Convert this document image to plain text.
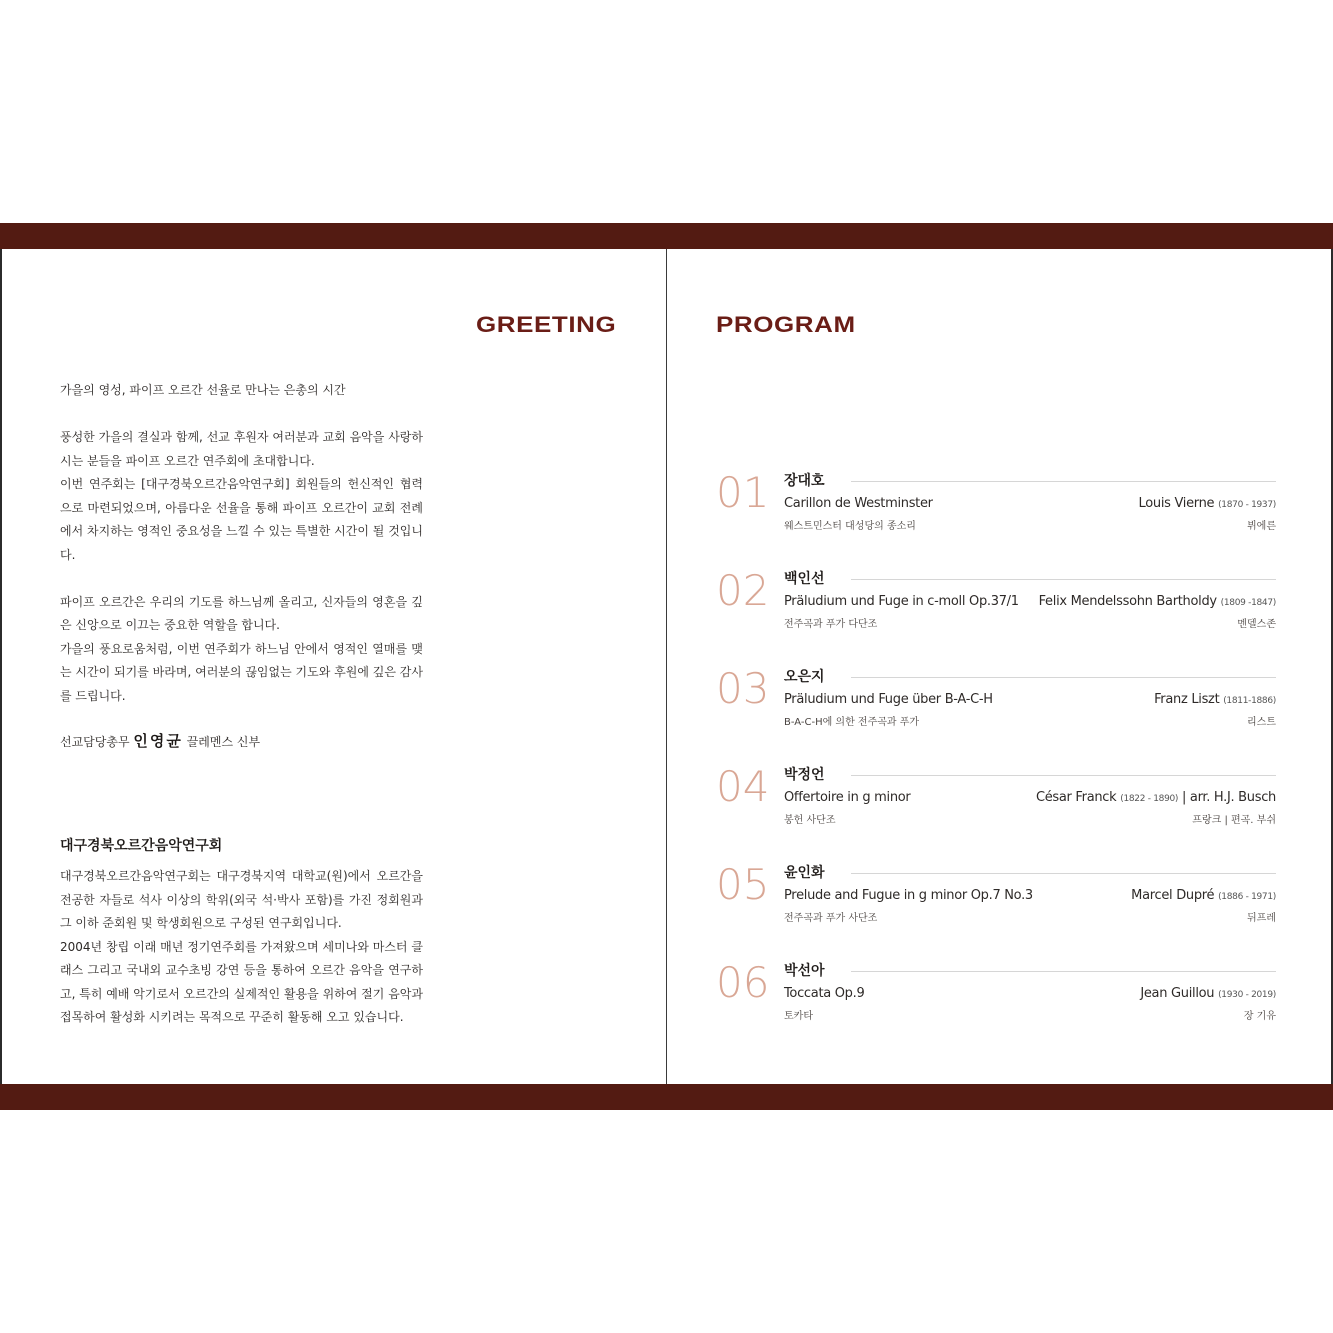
GREETING

가을의 영성, 파이프 오르간 선율로 만나는 은총의 시간

풍성한 가을의 결실과 함께, 선교 후원자 여러분과 교회 음악을 사랑하시는 분들을 파이프 오르간 연주회에 초대합니다.

이번 연주회는 [대구경북오르간음악연구회] 회원들의 헌신적인 협력으로 마련되었으며, 아름다운 선율을 통해 파이프 오르간이 교회 전례에서 차지하는 영적인 중요성을 느낄 수 있는 특별한 시간이 될 것입니다.

파이프 오르간은 우리의 기도를 하느님께 올리고, 신자들의 영혼을 깊은 신앙으로 이끄는 중요한 역할을 합니다.

가을의 풍요로움처럼, 이번 연주회가 하느님 안에서 영적인 열매를 맺는 시간이 되기를 바라며, 여러분의 끊임없는 기도와 후원에 깊은 감사를 드립니다.

선교담당총무 인영균 끌레멘스 신부

대구경북오르간음악연구회

대구경북오르간음악연구회는 대구경북지역 대학교(원)에서 오르간을 전공한 자들로 석사 이상의 학위(외국 석·박사 포함)를 가진 정회원과 그 이하 준회원 및 학생회원으로 구성된 연구회입니다.

2004년 창립 이래 매년 정기연주회를 가져왔으며 세미나와 마스터 클래스 그리고 국내외 교수초빙 강연 등을 통하여 오르간 음악을 연구하고, 특히 예배 악기로서 오르간의 실제적인 활용을 위하여 절기 음악과 접목하여 활성화 시키려는 목적으로 꾸준히 활동해 오고 있습니다.

PROGRAM

01 장대호

Carillon de Westminster

웨스트민스터 대성당의 종소리

Louis Vierne (1870 - 1937)

뷔에른

02 백인선

Präludium und Fuge in c-moll Op.37/1

전주곡과 푸가 다단조

Felix Mendelssohn Bartholdy (1809 -1847)

멘델스존

03 오은지

Präludium und Fuge über B-A-C-H

B-A-C-H에 의한 전주곡과 푸가

Franz Liszt (1811-1886)

리스트

04 박정언

Offertoire in g minor

봉헌 사단조

César Franck (1822 - 1890) | arr. H.J. Busch

프랑크 | 편곡. 부쉬

05 윤인화

Prelude and Fugue in g minor Op.7 No.3

전주곡과 푸가 사단조

Marcel Dupré (1886 - 1971)

뒤프레

06 박선아

Toccata Op.9

토카타

Jean Guillou (1930 - 2019)

장 기유
